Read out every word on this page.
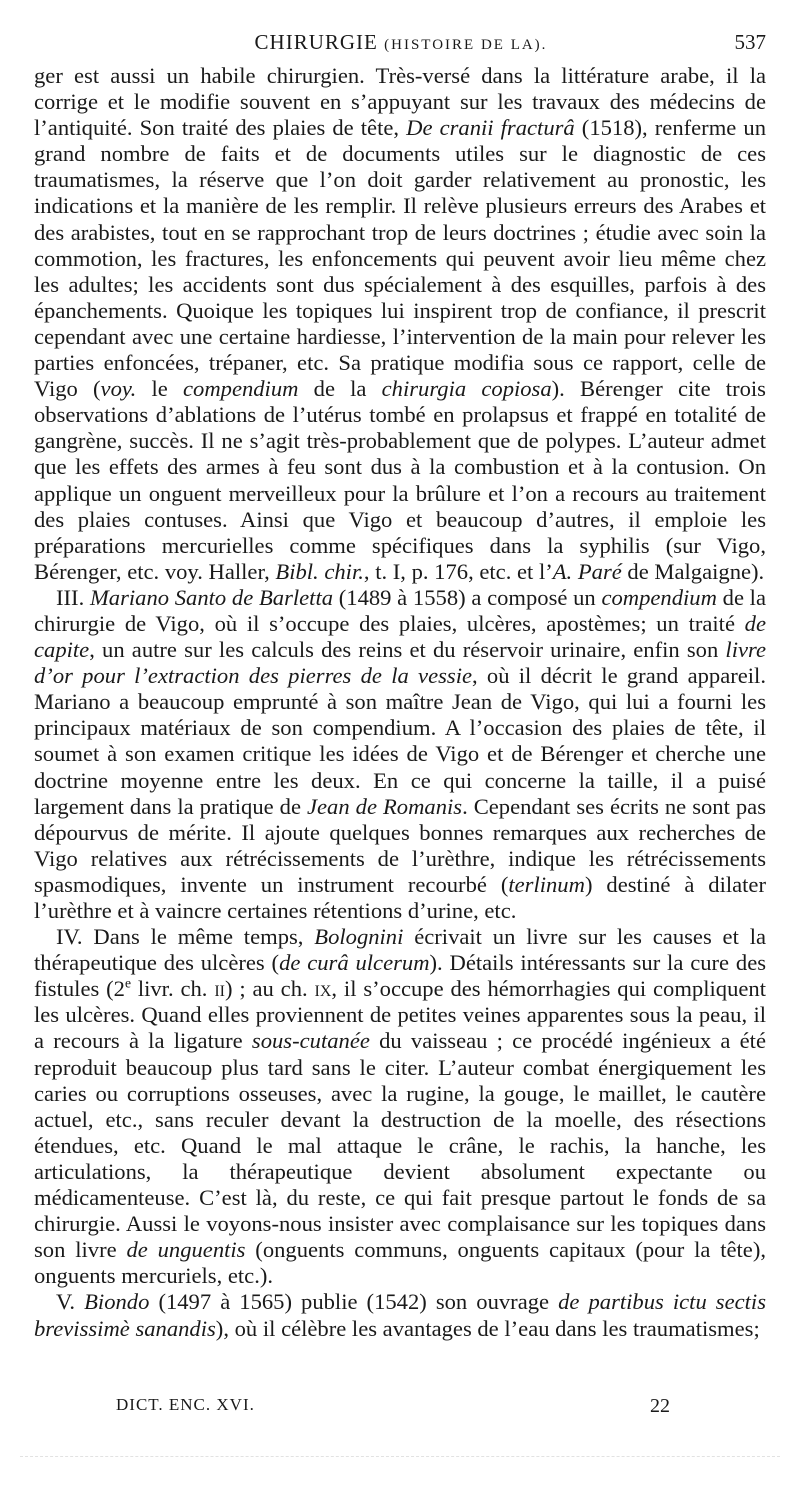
CHIRURGIE (HISTOIRE DE LA).	537

ger est aussi un habile chirurgien. Très-versé dans la littérature arabe, il la corrige et le modifie souvent en s’appuyant sur les travaux des médecins de l’antiquité. Son traité des plaies de tête, De cranii fracturâ (1518), renferme un grand nombre de faits et de documents utiles sur le diagnostic de ces traumatismes, la réserve que l’on doit garder relativement au pronostic, les indications et la manière de les remplir. Il relève plusieurs erreurs des Arabes et des arabistes, tout en se rapprochant trop de leurs doctrines ; étudie avec soin la commotion, les fractures, les enfoncements qui peuvent avoir lieu même chez les adultes; les accidents sont dus spécialement à des esquilles, parfois à des épanchements. Quoique les topiques lui inspirent trop de confiance, il prescrit cependant avec une certaine hardiesse, l’intervention de la main pour relever les parties enfoncées, trépaner, etc. Sa pratique modifia sous ce rapport, celle de Vigo (voy. le compendium de la chirurgia copiosa). Bérenger cite trois observations d’ablations de l’utérus tombé en prolapsus et frappé en totalité de gangrène, succès. Il ne s’agit très-probablement que de polypes. L’auteur admet que les effets des armes à feu sont dus à la combustion et à la contusion. On applique un onguent merveilleux pour la brûlure et l’on a recours au traitement des plaies contuses. Ainsi que Vigo et beaucoup d’autres, il emploie les préparations mercurielles comme spécifiques dans la syphilis (sur Vigo, Bérenger, etc. voy. Haller, Bibl. chir., t. I, p. 176, etc. et l’A. Paré de Malgaigne).

III. Mariano Santo de Barletta (1489 à 1558) a composé un compendium de la chirurgie de Vigo, où il s’occupe des plaies, ulcères, apostèmes; un traité de capite, un autre sur les calculs des reins et du réservoir urinaire, enfin son livre d’or pour l’extraction des pierres de la vessie, où il décrit le grand appareil. Mariano a beaucoup emprunté à son maître Jean de Vigo, qui lui a fourni les principaux matériaux de son compendium. A l’occasion des plaies de tête, il soumet à son examen critique les idées de Vigo et de Bérenger et cherche une doctrine moyenne entre les deux. En ce qui concerne la taille, il a puisé largement dans la pratique de Jean de Romanis. Cependant ses écrits ne sont pas dépourvus de mérite. Il ajoute quelques bonnes remarques aux recherches de Vigo relatives aux rétrécissements de l’urèthre, indique les rétrécissements spasmodiques, invente un instrument recourbé (terlinum) destiné à dilater l’urèthre et à vaincre certaines rétentions d’urine, etc.

IV. Dans le même temps, Bolognini écrivait un livre sur les causes et la thérapeutique des ulcères (de curâ ulcerum). Détails intéressants sur la cure des fistules (2e livr. ch. ii) ; au ch. ix, il s’occupe des hémorrhagies qui compliquent les ulcères. Quand elles proviennent de petites veines apparentes sous la peau, il a recours à la ligature sous-cutanée du vaisseau ; ce procédé ingénieux a été reproduit beaucoup plus tard sans le citer. L’auteur combat énergiquement les caries ou corruptions osseuses, avec la rugine, la gouge, le maillet, le cautère actuel, etc., sans reculer devant la destruction de la moelle, des résections étendues, etc. Quand le mal attaque le crâne, le rachis, la hanche, les articulations, la thérapeutique devient absolument expectante ou médicamenteuse. C’est là, du reste, ce qui fait presque partout le fonds de sa chirurgie. Aussi le voyons-nous insister avec complaisance sur les topiques dans son livre de unguentis (onguents communs, onguents capitaux (pour la tête), onguents mercuriels, etc.).

V. Biondo (1497 à 1565) publie (1542) son ouvrage de partibus ictu sectis brevissimè sanandis), où il célèbre les avantages de l’eau dans les traumatismes;

DICT. ENC. XVI.	22
